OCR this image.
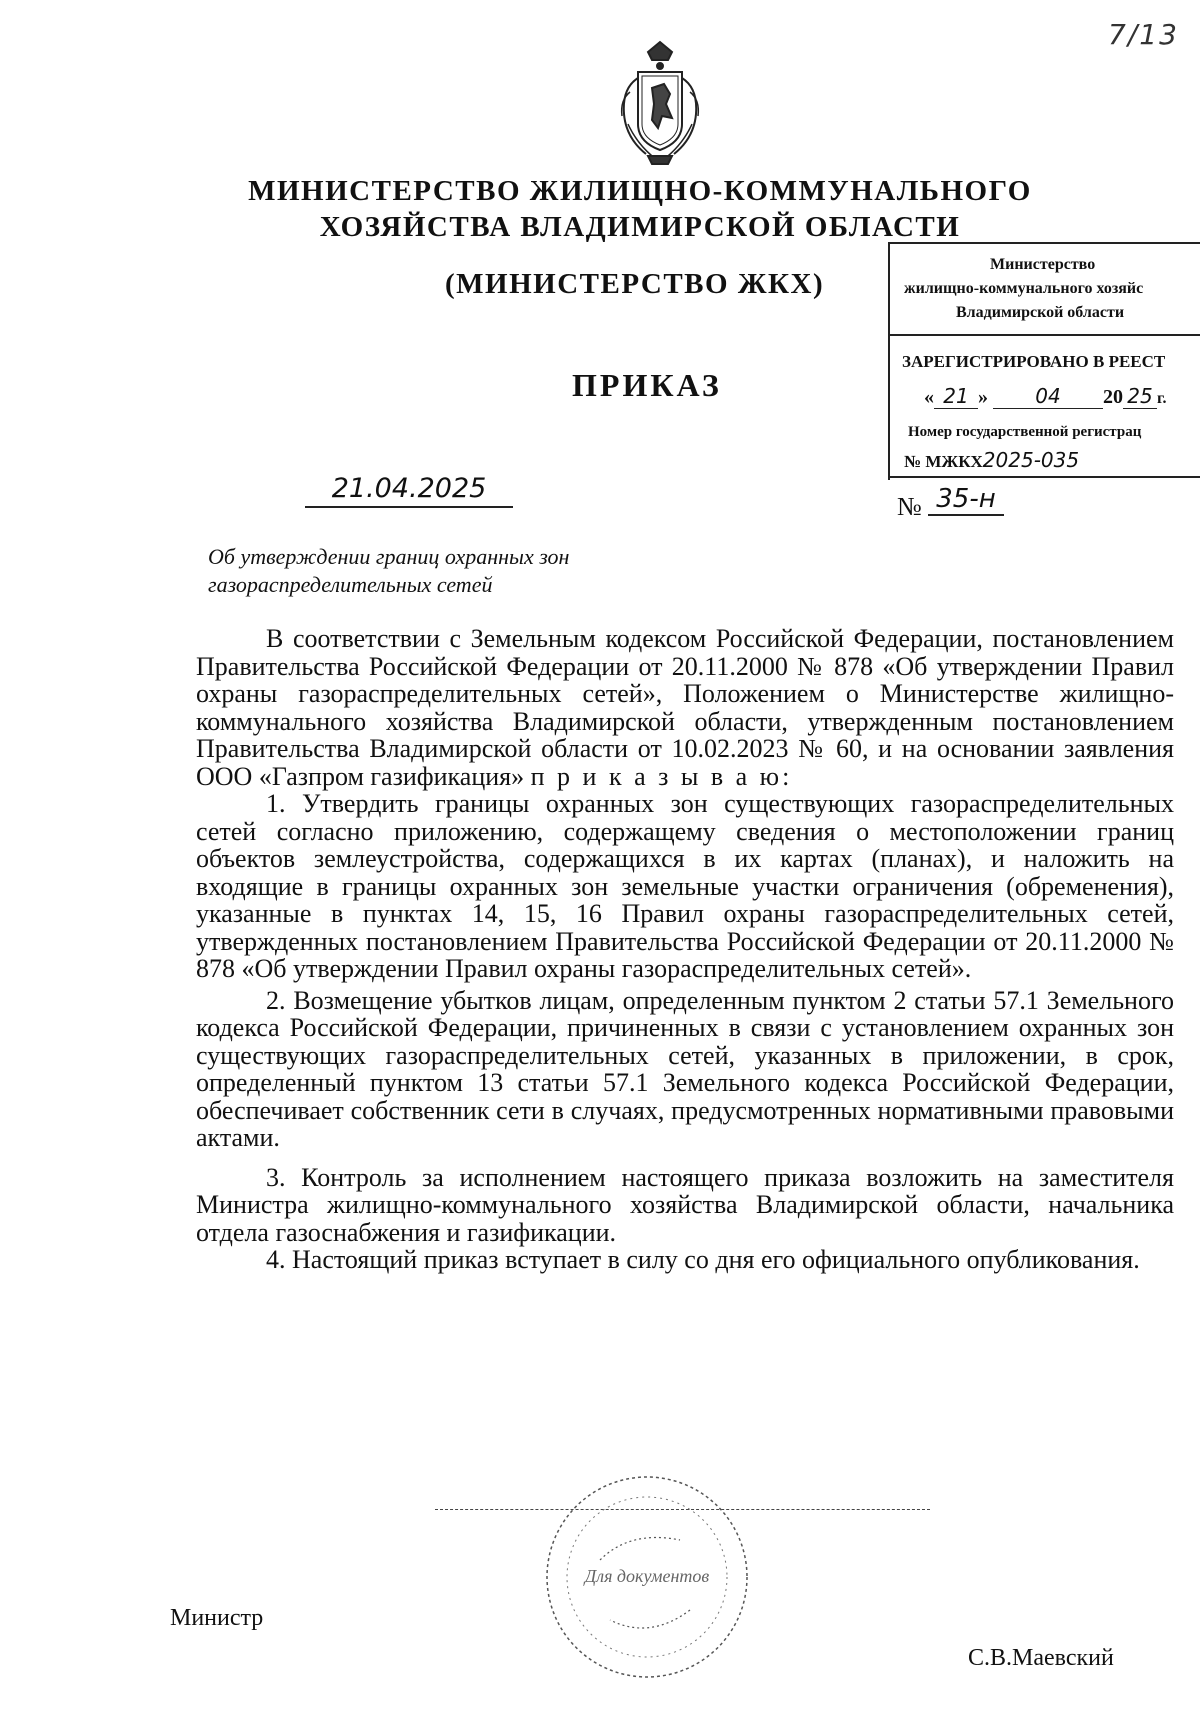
7/13
МИНИСТЕРСТВО ЖИЛИЩНО-КОММУНАЛЬНОГО
ХОЗЯЙСТВА ВЛАДИМИРСКОЙ ОБЛАСТИ
(МИНИСТЕРСТВО ЖКХ)
ПРИКАЗ
Министерство
жилищно-коммунального хозяйс
Владимирской области
ЗАРЕГИСТРИРОВАНО В РЕЕСТ
« 21 » 04 20 25 г.
Номер государственной регистрац
№ МЖКХ2025-035
21.04.2025
№ 35-н
Об утверждении границ охранных зон
газораспределительных сетей

В соответствии с Земельным кодексом Российской Федерации, постановлением Правительства Российской Федерации от 20.11.2000 № 878 «Об утверждении Правил охраны газораспределительных сетей», Положением о Министерстве жилищно-коммунального хозяйства Владимирской области, утвержденным постановлением Правительства Владимирской области от 10.02.2023 № 60, и на основании заявления ООО «Газпром газификация» п р и к а з ы в а ю:

1. Утвердить границы охранных зон существующих газораспределительных сетей согласно приложению, содержащему сведения о местоположении границ объектов землеустройства, содержащихся в их картах (планах), и наложить на входящие в границы охранных зон земельные участки ограничения (обременения), указанные в пунктах 14, 15, 16 Правил охраны газораспределительных сетей, утвержденных постановлением Правительства Российской Федерации от 20.11.2000 № 878 «Об утверждении Правил охраны газораспределительных сетей».

2. Возмещение убытков лицам, определенным пунктом 2 статьи 57.1 Земельного кодекса Российской Федерации, причиненных в связи с установлением охранных зон существующих газораспределительных сетей, указанных в приложении, в срок, определенный пунктом 13 статьи 57.1 Земельного кодекса Российской Федерации, обеспечивает собственник сети в случаях, предусмотренных нормативными правовыми актами.

3. Контроль за исполнением настоящего приказа возложить на заместителя Министра жилищно-коммунального хозяйства Владимирской области, начальника отдела газоснабжения и газификации.

4. Настоящий приказ вступает в силу со дня его официального опубликования.

Для документов
Министр
С.В.Маевский
